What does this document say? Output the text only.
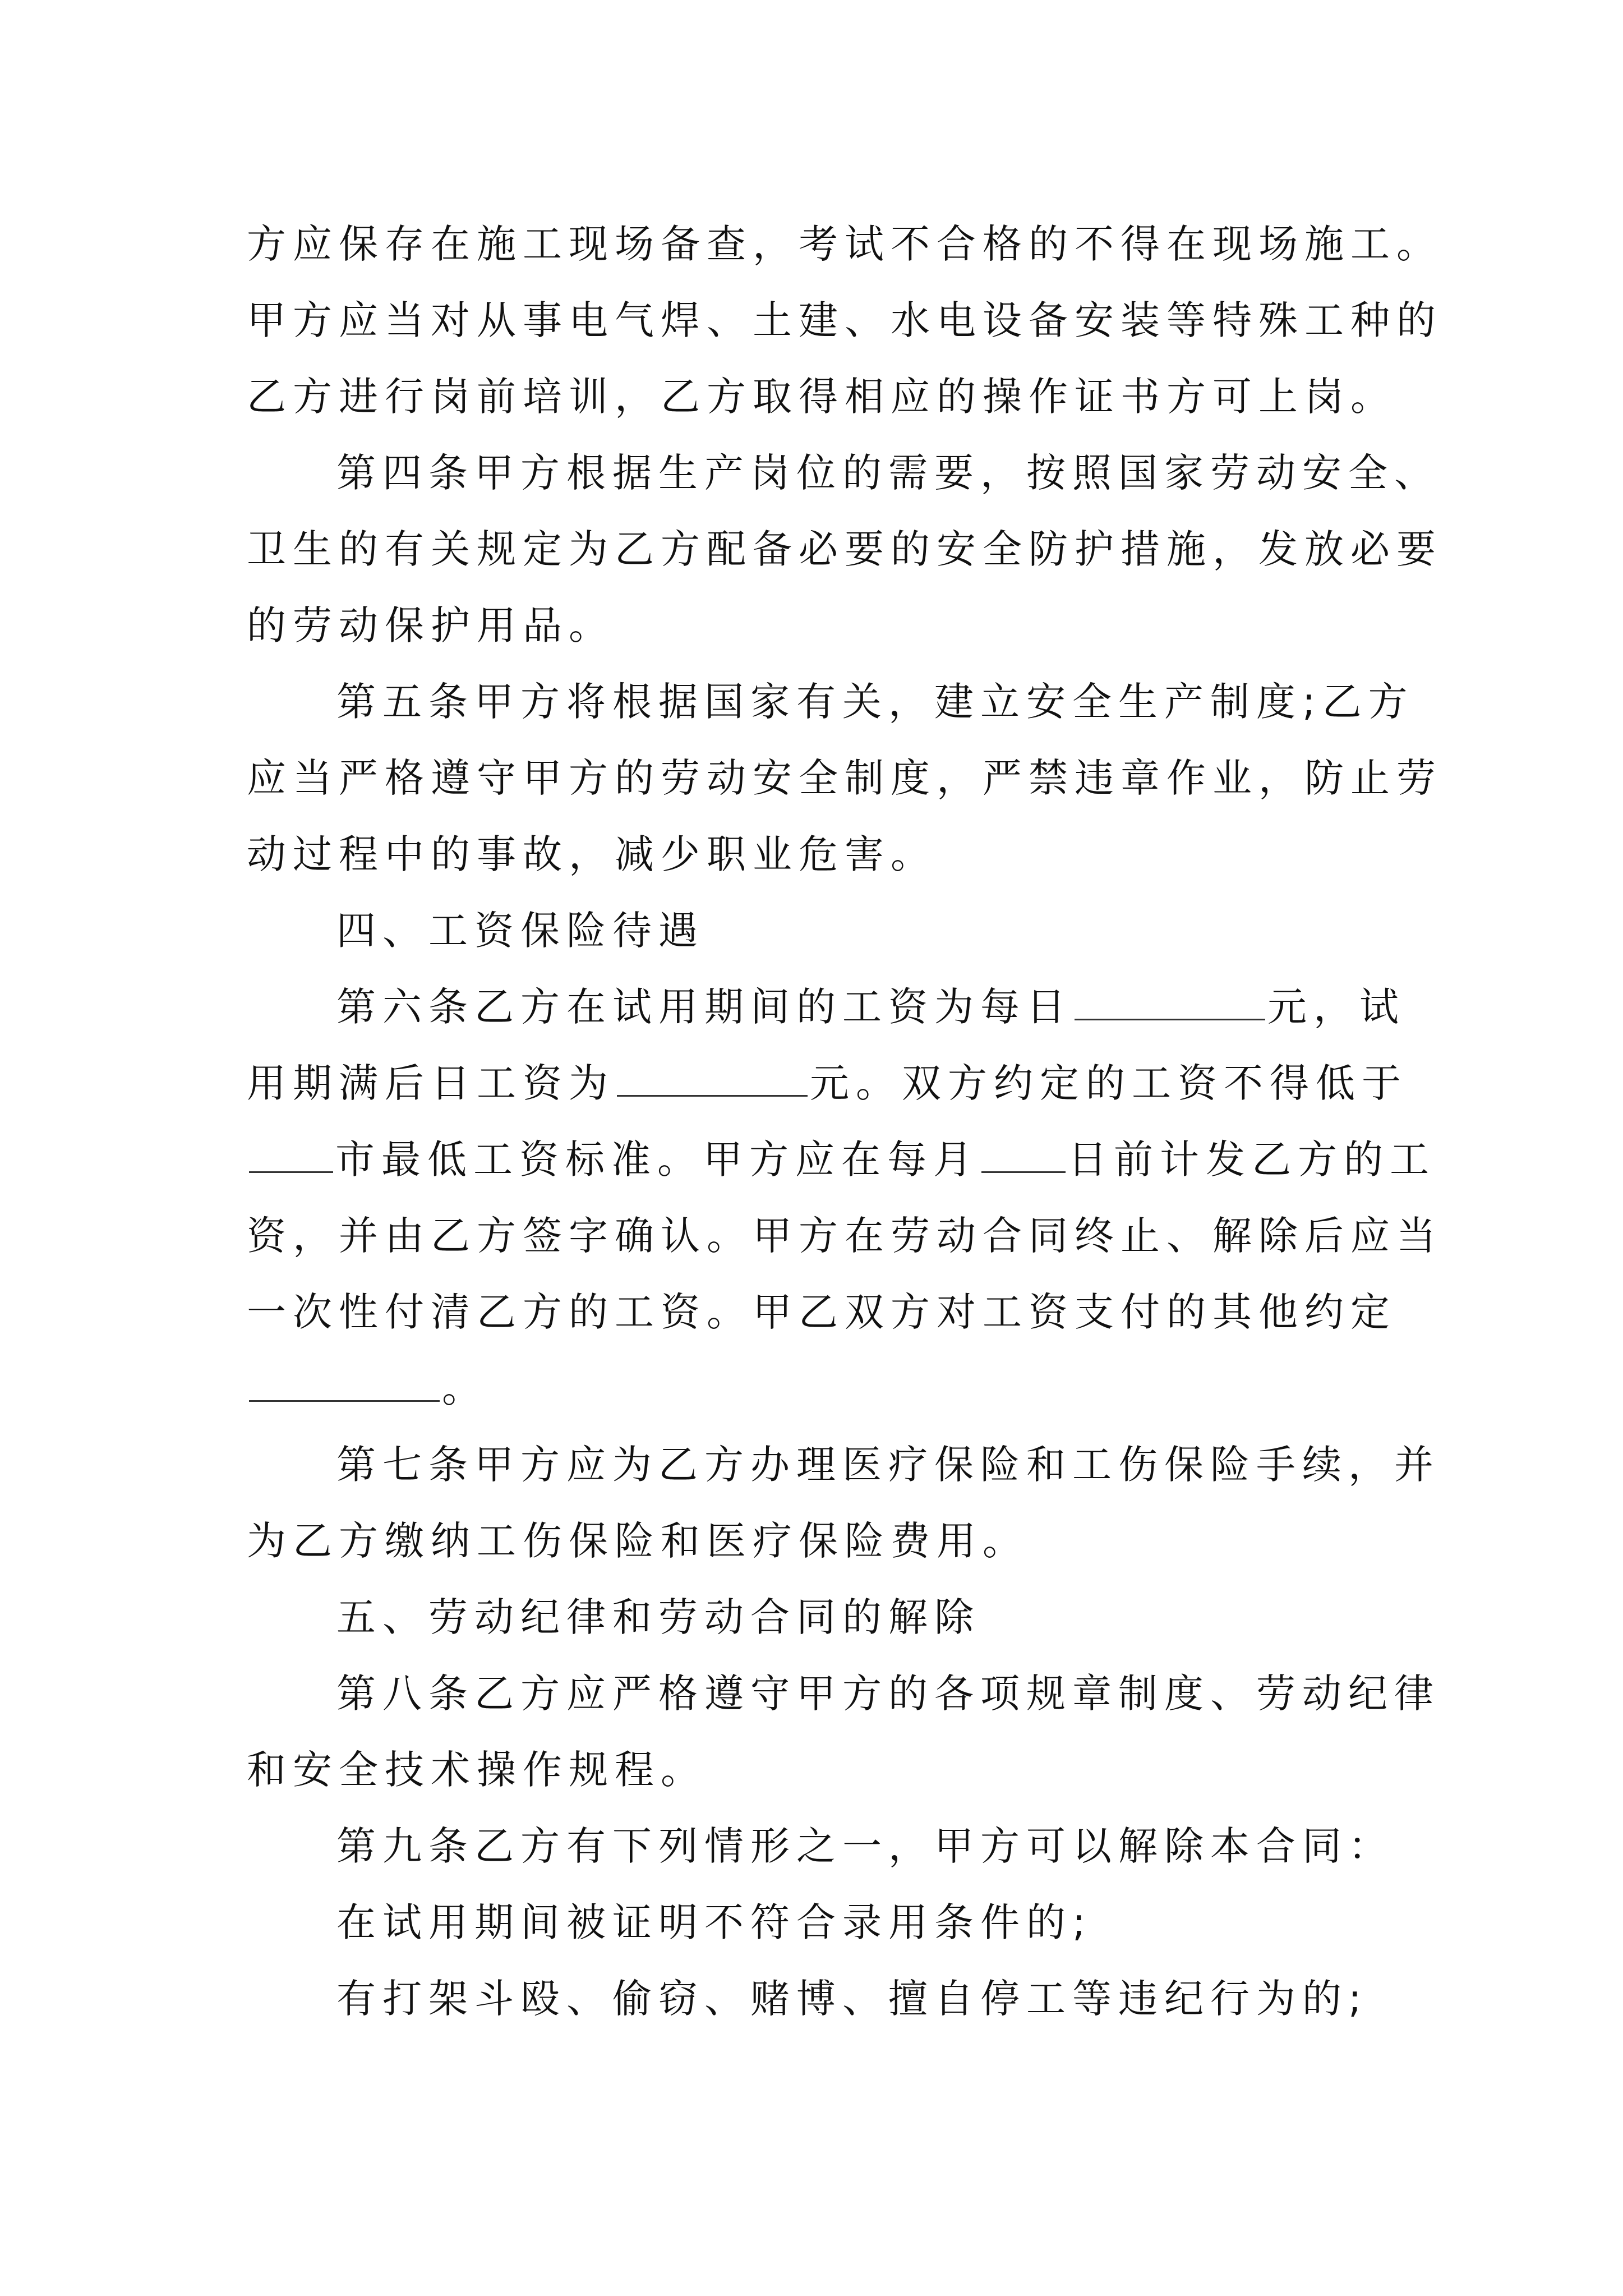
方应保存在施工现场备查，考试不合格的不得在现场施工。
甲方应当对从事电气焊、土建、水电设备安装等特殊工种的
乙方进行岗前培训，乙方取得相应的操作证书方可上岗。
第四条甲方根据生产岗位的需要，按照国家劳动安全、
卫生的有关规定为乙方配备必要的安全防护措施，发放必要
的劳动保护用品。
第五条甲方将根据国家有关，建立安全生产制度;乙方
应当严格遵守甲方的劳动安全制度，严禁违章作业，防止劳
动过程中的事故，减少职业危害。
四、工资保险待遇
第六条乙方在试用期间的工资为每日	元，试
用期满后日工资为	元。双方约定的工资不得低于
市最低工资标准。甲方应在每月 日前计发乙方的工
资，并由乙方签字确认。甲方在劳动合同终止、解除后应当
一次性付清乙方的工资。甲乙双方对工资支付的其他约定
。
第七条甲方应为乙方办理医疗保险和工伤保险手续，并
为乙方缴纳工伤保险和医疗保险费用。
五、劳动纪律和劳动合同的解除
第八条乙方应严格遵守甲方的各项规章制度、劳动纪律
和安全技术操作规程。
第九条乙方有下列情形之一，甲方可以解除本合同：
在试用期间被证明不符合录用条件的;
有打架斗殴、偷窃、赌博、擅自停工等违纪行为的;
